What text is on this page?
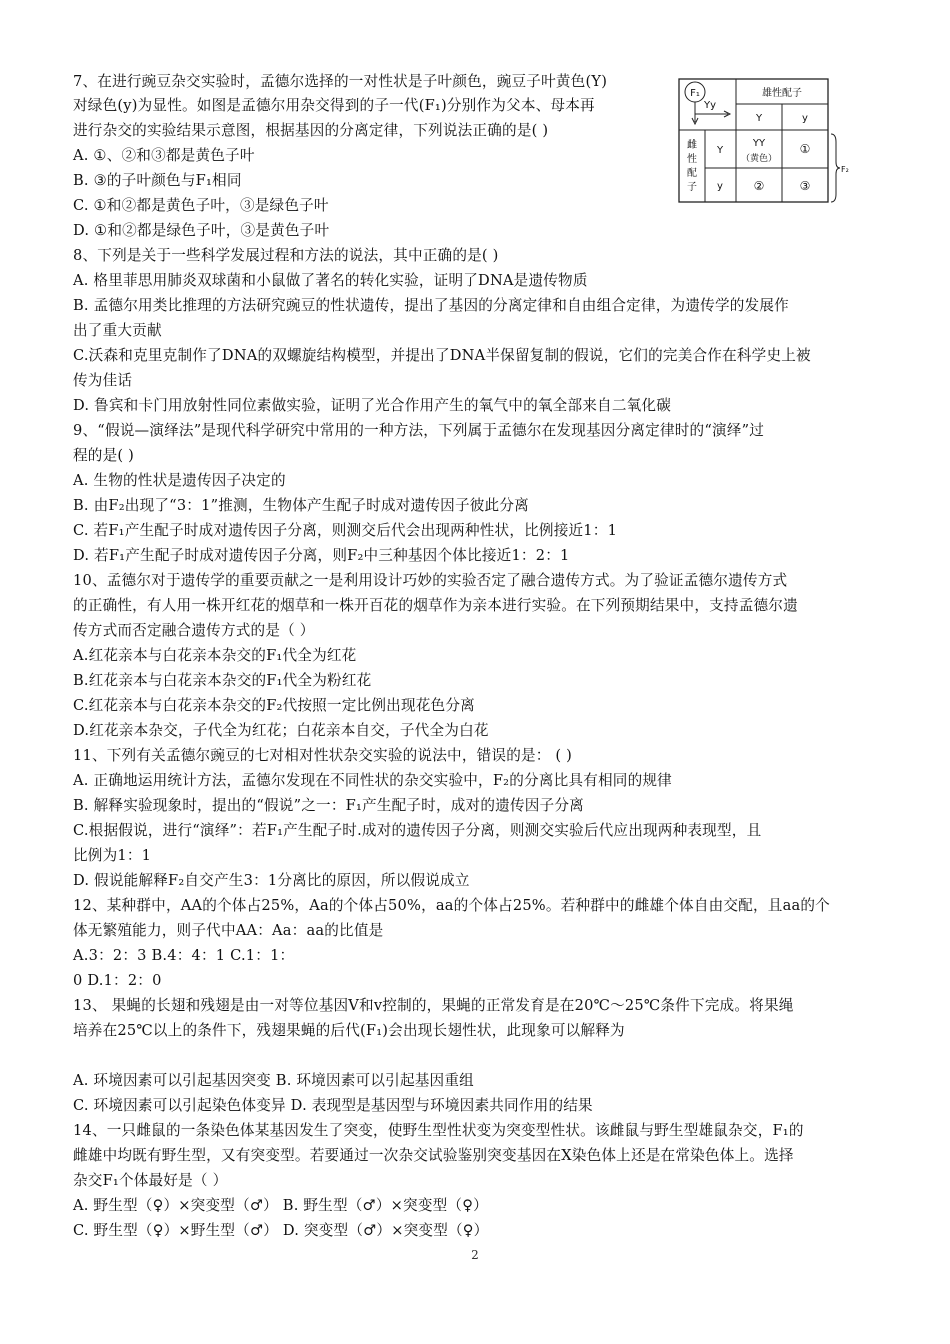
7、在进行豌豆杂交实验时，孟德尔选择的一对性状是子叶颜色，豌豆子叶黄色(Y)
对绿色(y)为显性。如图是孟德尔用杂交得到的子一代(F₁)分别作为父本、母本再
进行杂交的实验结果示意图，根据基因的分离定律，下列说法正确的是( )
A. ①、②和③都是黄色子叶
B. ③的子叶颜色与F₁相同
C. ①和②都是黄色子叶，③是绿色子叶
D. ①和②都是绿色子叶，③是黄色子叶
8、下列是关于一些科学发展过程和方法的说法，其中正确的是( )
A. 格里菲思用肺炎双球菌和小鼠做了著名的转化实验，证明了DNA是遗传物质
B. 孟德尔用类比推理的方法研究豌豆的性状遗传，提出了基因的分离定律和自由组合定律，为遗传学的发展作
出了重大贡献
C.沃森和克里克制作了DNA的双螺旋结构模型，并提出了DNA半保留复制的假说，它们的完美合作在科学史上被
传为佳话
D. 鲁宾和卡门用放射性同位素做实验，证明了光合作用产生的氧气中的氧全部来自二氧化碳
9、“假说—演绎法”是现代科学研究中常用的一种方法，下列属于孟德尔在发现基因分离定律时的“演绎”过
程的是( )
A. 生物的性状是遗传因子决定的
B. 由F₂出现了“3：1”推测，生物体产生配子时成对遗传因子彼此分离
C. 若F₁产生配子时成对遗传因子分离，则测交后代会出现两种性状，比例接近1：1
D. 若F₁产生配子时成对遗传因子分离，则F₂中三种基因个体比接近1：2：1
10、孟德尔对于遗传学的重要贡献之一是利用设计巧妙的实验否定了融合遗传方式。为了验证孟德尔遗传方式
的正确性，有人用一株开红花的烟草和一株开百花的烟草作为亲本进行实验。在下列预期结果中，支持孟德尔遗
传方式而否定融合遗传方式的是（ ）
A.红花亲本与白花亲本杂交的F₁代全为红花
B.红花亲本与白花亲本杂交的F₁代全为粉红花
C.红花亲本与白花亲本杂交的F₂代按照一定比例出现花色分离
D.红花亲本杂交，子代全为红花；白花亲本自交，子代全为白花
11、下列有关孟德尔豌豆的七对相对性状杂交实验的说法中，错误的是： ( )
A. 正确地运用统计方法，孟德尔发现在不同性状的杂交实验中，F₂的分离比具有相同的规律
B. 解释实验现象时，提出的“假说”之一：F₁产生配子时，成对的遗传因子分离
C.根据假说，进行“演绎”：若F₁产生配子时.成对的遗传因子分离，则测交实验后代应出现两种表现型，且
比例为1：1
D. 假说能解释F₂自交产生3：1分离比的原因，所以假说成立
12、某种群中，AA的个体占25%，Aa的个体占50%，aa的个体占25%。若种群中的雌雄个体自由交配，且aa的个
体无繁殖能力，则子代中AA：Aa：aa的比值是
A.3：2：3 B.4：4：1 C.1：1：
0 D.1：2：0
13、 果蝇的长翅和残翅是由一对等位基因V和v控制的，果蝇的正常发育是在20℃～25℃条件下完成。将果绳
培养在25℃以上的条件下，残翅果蝇的后代(F₁)会出现长翅性状，此现象可以解释为
A. 环境因素可以引起基因突变 B. 环境因素可以引起基因重组
C. 环境因素可以引起染色体变异 D. 表现型是基因型与环境因素共同作用的结果
14、一只雌鼠的一条染色体某基因发生了突变，使野生型性状变为突变型性状。该雌鼠与野生型雄鼠杂交，F₁的
雌雄中均既有野生型，又有突变型。若要通过一次杂交试验鉴别突变基因在X染色体上还是在常染色体上。选择
杂交F₁个体最好是（ ）
A. 野生型（♀）×突变型（♂） B. 野生型（♂）×突变型（♀）
C. 野生型（♀）×野生型（♂） D. 突变型（♂）×突变型（♀）
2
F₁
Yy
雄性配子
Y	y
雌
性
配
子
Y
y
YY
（黄色）
①
②	③
F₂
